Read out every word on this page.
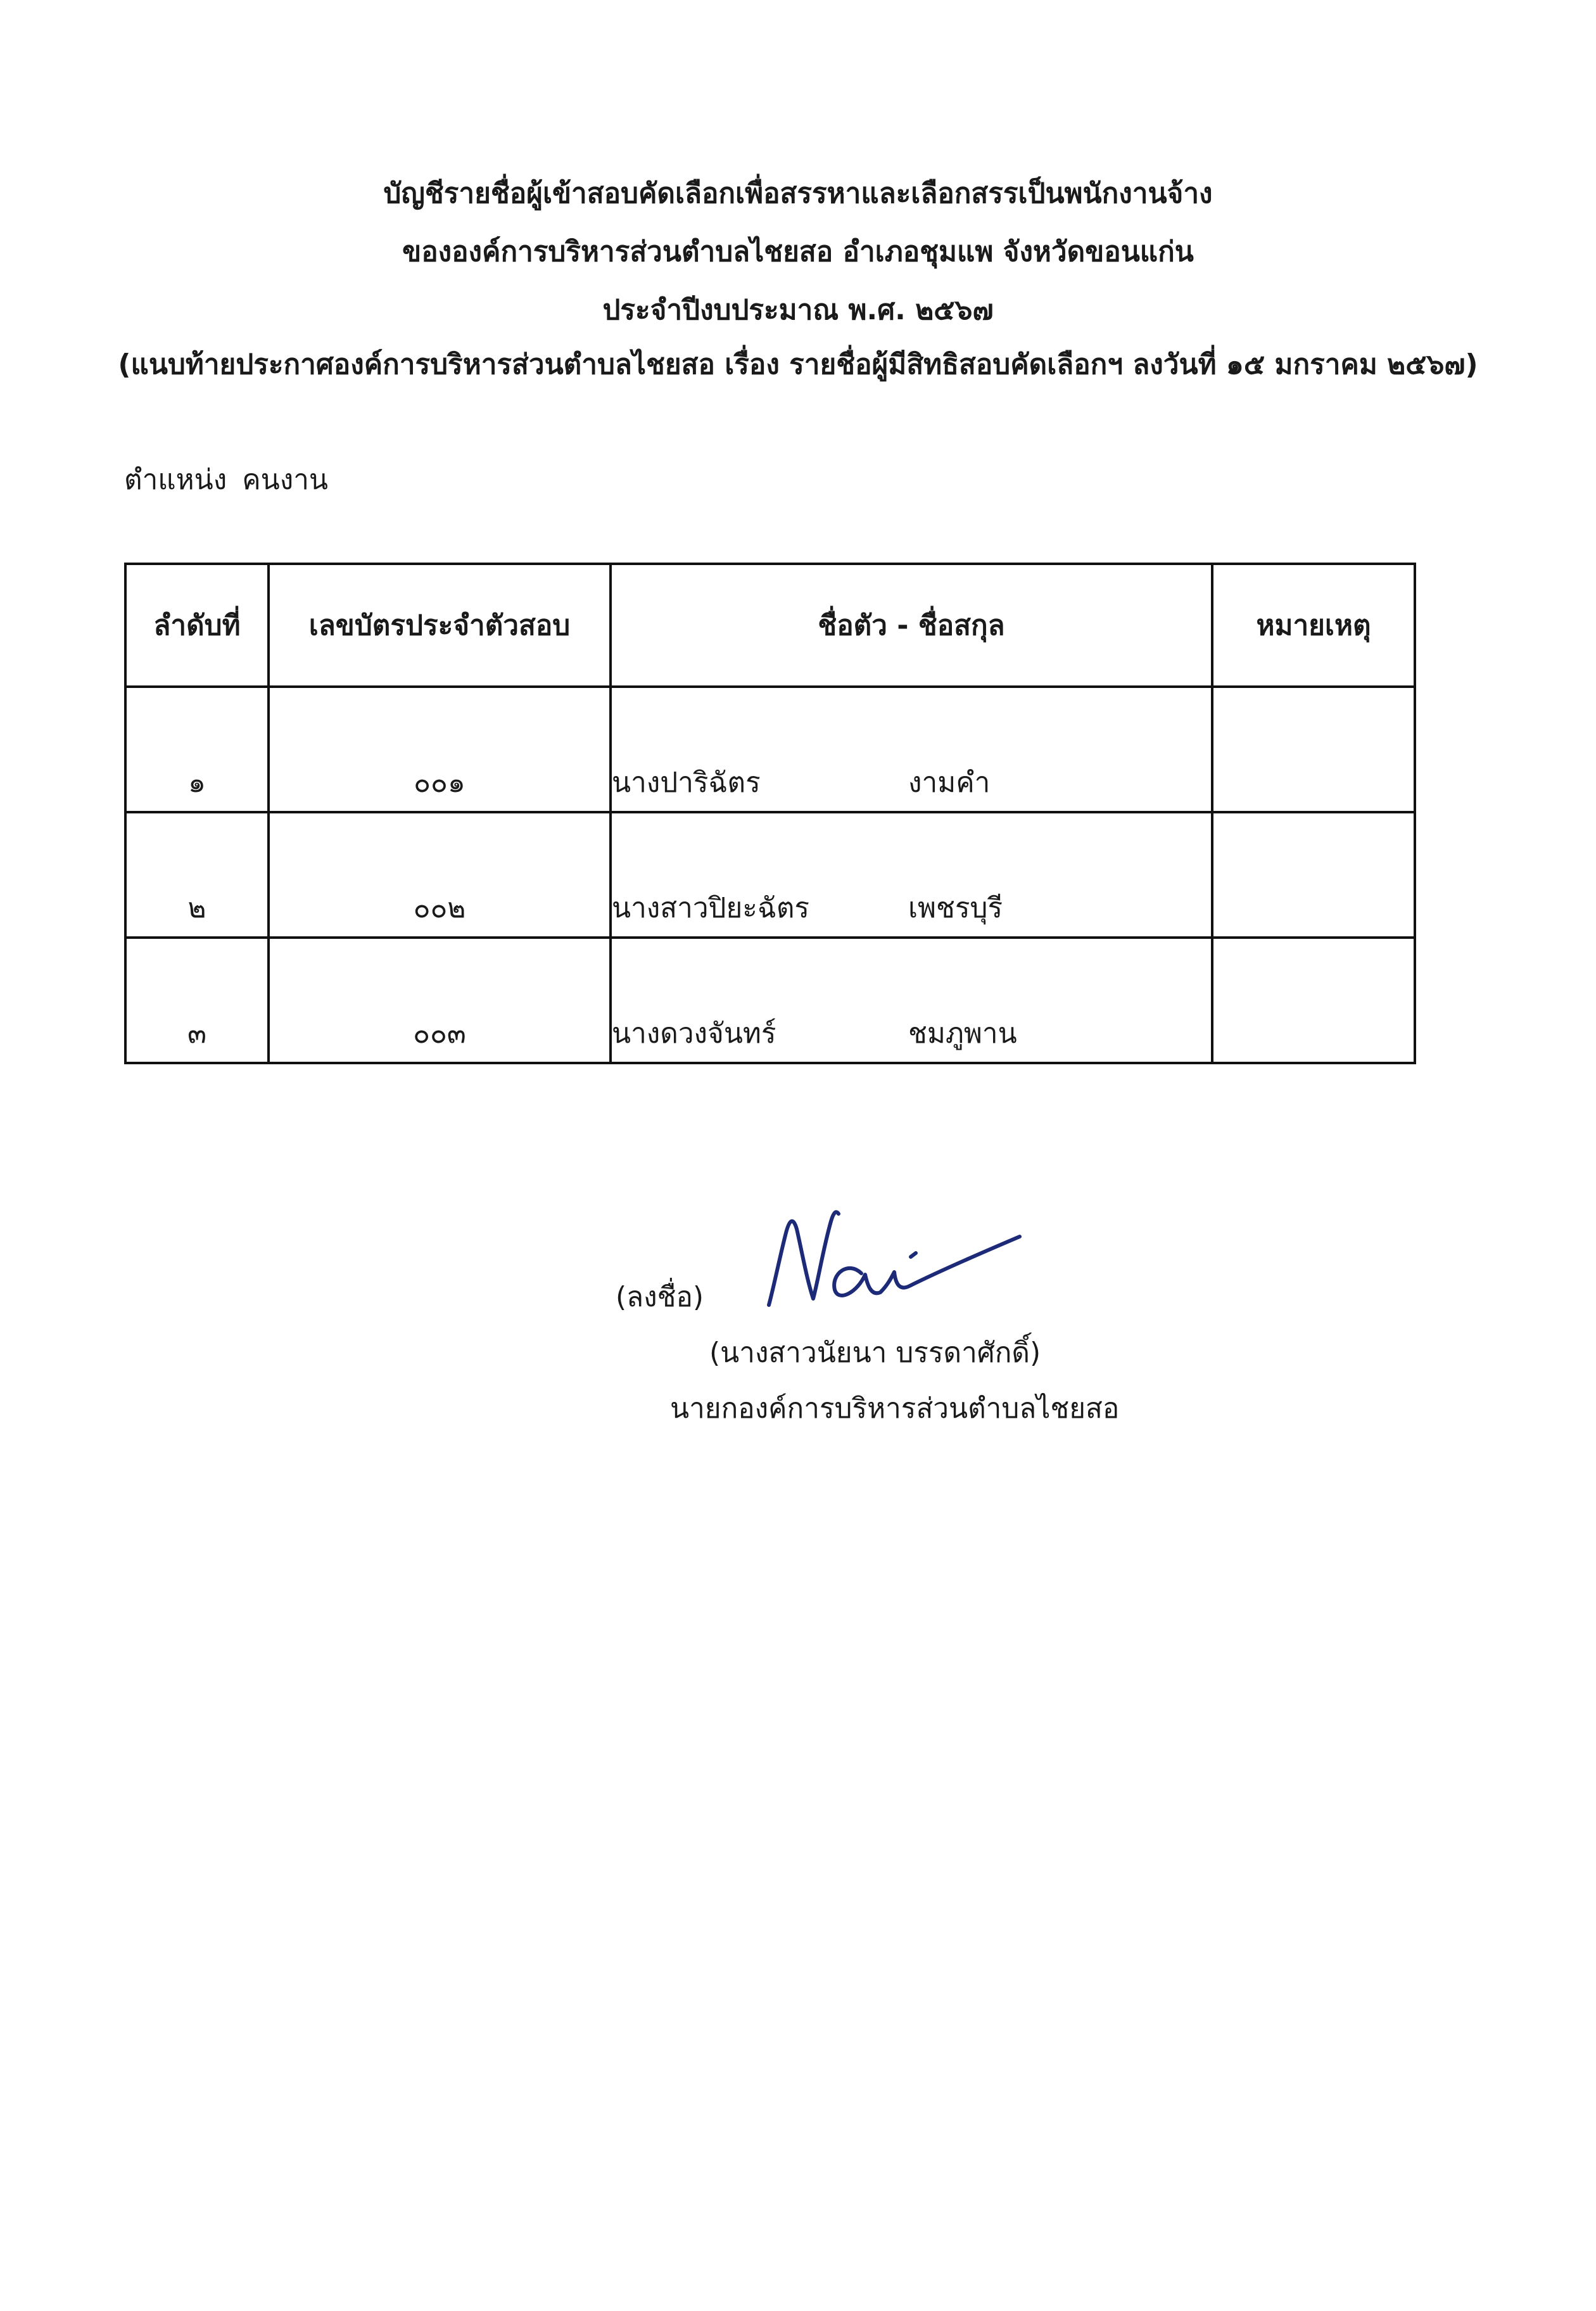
บัญชีรายชื่อผู้เข้าสอบคัดเลือกเพื่อสรรหาและเลือกสรรเป็นพนักงานจ้าง
ขององค์การบริหารส่วนตำบลไชยสอ อำเภอชุมแพ จังหวัดขอนแก่น
ประจำปีงบประมาณ พ.ศ. ๒๕๖๗
(แนบท้ายประกาศองค์การบริหารส่วนตำบลไชยสอ เรื่อง รายชื่อผู้มีสิทธิสอบคัดเลือกฯ ลงวันที่ ๑๕ มกราคม ๒๕๖๗)
ตำแหน่ง คนงาน
ลำดับที่	เลขบัตรประจำตัวสอบ	ชื่อตัว - ชื่อสกุล	หมายเหตุ
๑	๐๐๑	นางปาริฉัตร งามคำ	
๒	๐๐๒	นางสาวปิยะฉัตร เพชรบุรี	
๓	๐๐๓	นางดวงจันทร์ ชมภูพาน	
(ลงชื่อ)
(นางสาวนัยนา บรรดาศักดิ์)
นายกองค์การบริหารส่วนตำบลไชยสอ
